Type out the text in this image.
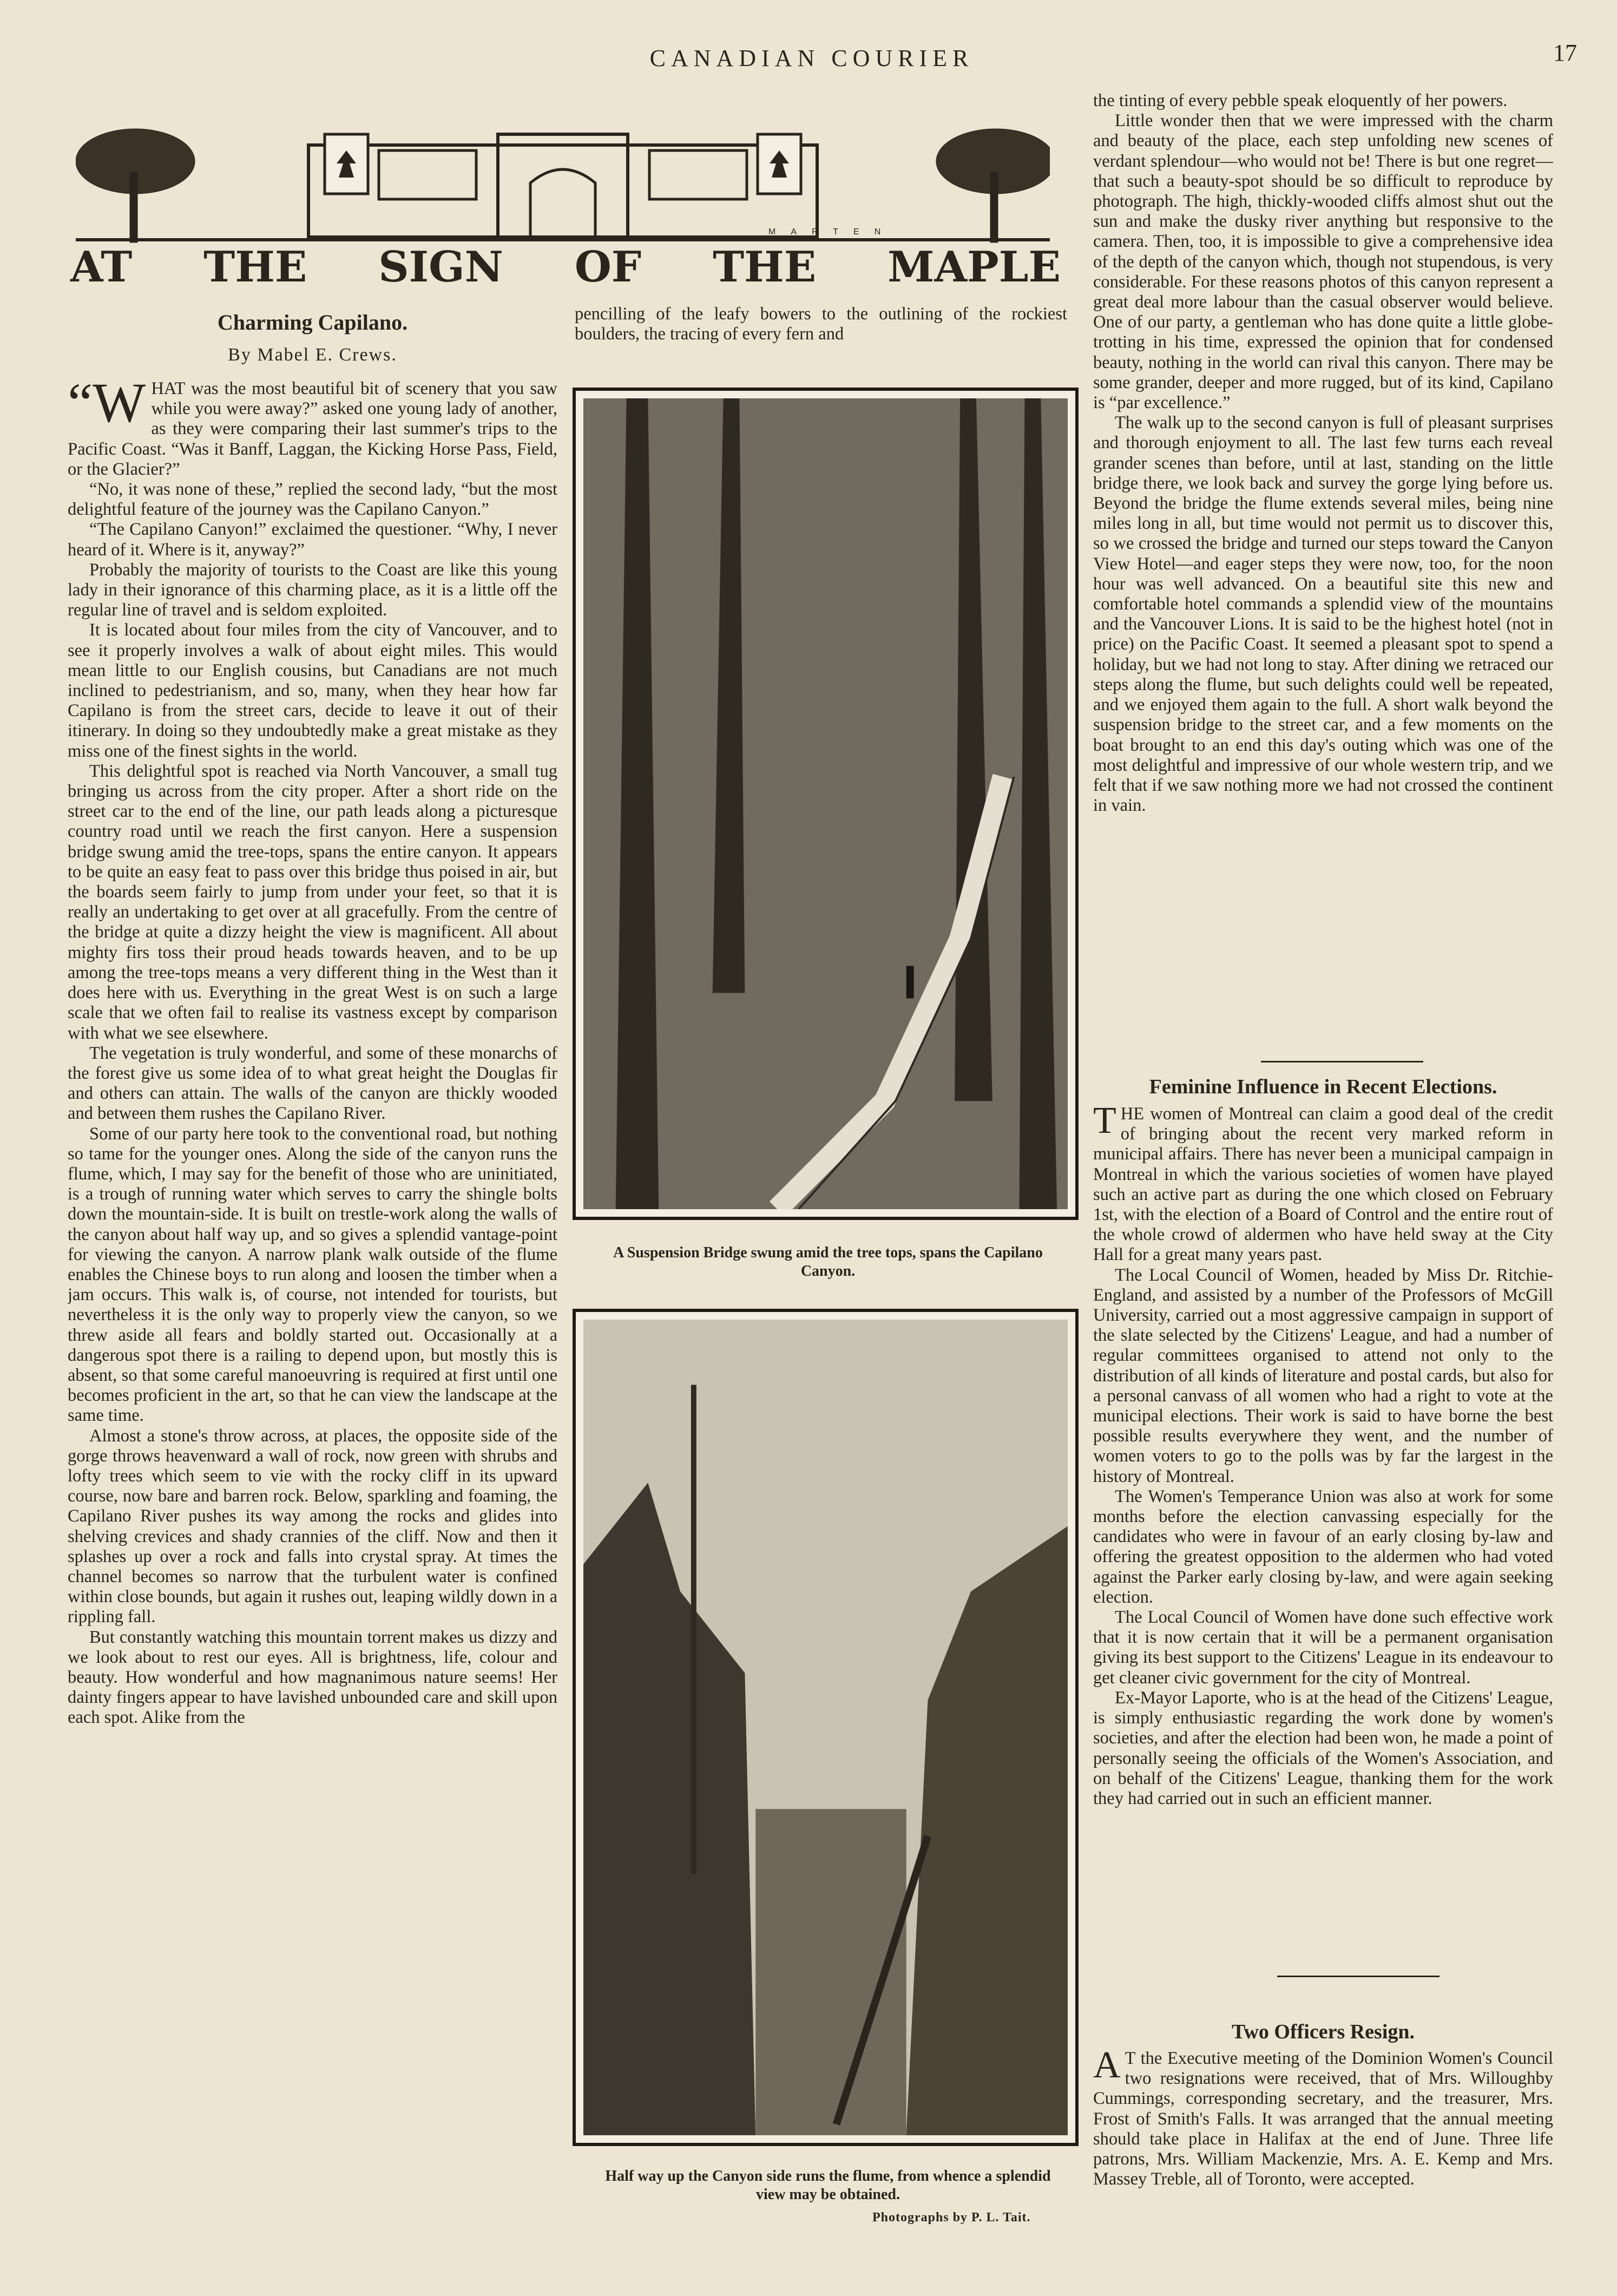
CANADIAN COURIER	17
MARTEN
AT THE SIGN OF THE MAPLE
Charming Capilano.
By Mabel E. Crews.

“WHAT was the most beautiful bit of scenery that you saw while you were away?” asked one young lady of another, as they were comparing their last summer's trips to the Pacific Coast. “Was it Banff, Laggan, the Kicking Horse Pass, Field, or the Glacier?”

“No, it was none of these,” replied the second lady, “but the most delightful feature of the journey was the Capilano Canyon.”

“The Capilano Canyon!” exclaimed the questioner. “Why, I never heard of it. Where is it, anyway?”

Probably the majority of tourists to the Coast are like this young lady in their ignorance of this charming place, as it is a little off the regular line of travel and is seldom exploited.

It is located about four miles from the city of Vancouver, and to see it properly involves a walk of about eight miles. This would mean little to our English cousins, but Canadians are not much inclined to pedestrianism, and so, many, when they hear how far Capilano is from the street cars, decide to leave it out of their itinerary. In doing so they undoubtedly make a great mistake as they miss one of the finest sights in the world.

This delightful spot is reached via North Vancouver, a small tug bringing us across from the city proper. After a short ride on the street car to the end of the line, our path leads along a picturesque country road until we reach the first canyon. Here a suspension bridge swung amid the tree-tops, spans the entire canyon. It appears to be quite an easy feat to pass over this bridge thus poised in air, but the boards seem fairly to jump from under your feet, so that it is really an undertaking to get over at all gracefully. From the centre of the bridge at quite a dizzy height the view is magnificent. All about mighty firs toss their proud heads towards heaven, and to be up among the tree-tops means a very different thing in the West than it does here with us. Everything in the great West is on such a large scale that we often fail to realise its vastness except by comparison with what we see elsewhere.

The vegetation is truly wonderful, and some of these monarchs of the forest give us some idea of to what great height the Douglas fir and others can attain. The walls of the canyon are thickly wooded and between them rushes the Capilano River.

Some of our party here took to the conventional road, but nothing so tame for the younger ones. Along the side of the canyon runs the flume, which, I may say for the benefit of those who are uninitiated, is a trough of running water which serves to carry the shingle bolts down the mountain-side. It is built on trestle-work along the walls of the canyon about half way up, and so gives a splendid vantage-point for viewing the canyon. A narrow plank walk outside of the flume enables the Chinese boys to run along and loosen the timber when a jam occurs. This walk is, of course, not intended for tourists, but nevertheless it is the only way to properly view the canyon, so we threw aside all fears and boldly started out. Occasionally at a dangerous spot there is a railing to depend upon, but mostly this is absent, so that some careful manoeuvring is required at first until one becomes proficient in the art, so that he can view the landscape at the same time.

Almost a stone's throw across, at places, the opposite side of the gorge throws heavenward a wall of rock, now green with shrubs and lofty trees which seem to vie with the rocky cliff in its upward course, now bare and barren rock. Below, sparkling and foaming, the Capilano River pushes its way among the rocks and glides into shelving crevices and shady crannies of the cliff. Now and then it splashes up over a rock and falls into crystal spray. At times the channel becomes so narrow that the turbulent water is confined within close bounds, but again it rushes out, leaping wildly down in a rippling fall.

But constantly watching this mountain torrent makes us dizzy and we look about to rest our eyes. All is brightness, life, colour and beauty. How wonderful and how magnanimous nature seems! Her dainty fingers appear to have lavished unbounded care and skill upon each spot. Alike from the

pencilling of the leafy bowers to the outlining of the rockiest boulders, the tracing of every fern and

A Suspension Bridge swung amid the tree tops, spans the Capilano Canyon.
Half way up the Canyon side runs the flume, from whence a splendid view may be obtained.
Photographs by P. L. Tait.

the tinting of every pebble speak eloquently of her powers.

Little wonder then that we were impressed with the charm and beauty of the place, each step unfolding new scenes of verdant splendour—who would not be! There is but one regret—that such a beauty-spot should be so difficult to reproduce by photograph. The high, thickly-wooded cliffs almost shut out the sun and make the dusky river anything but responsive to the camera. Then, too, it is impossible to give a comprehensive idea of the depth of the canyon which, though not stupendous, is very considerable. For these reasons photos of this canyon represent a great deal more labour than the casual observer would believe. One of our party, a gentleman who has done quite a little globe-trotting in his time, expressed the opinion that for condensed beauty, nothing in the world can rival this canyon. There may be some grander, deeper and more rugged, but of its kind, Capilano is “par excellence.”

The walk up to the second canyon is full of pleasant surprises and thorough enjoyment to all. The last few turns each reveal grander scenes than before, until at last, standing on the little bridge there, we look back and survey the gorge lying before us. Beyond the bridge the flume extends several miles, being nine miles long in all, but time would not permit us to discover this, so we crossed the bridge and turned our steps toward the Canyon View Hotel—and eager steps they were now, too, for the noon hour was well advanced. On a beautiful site this new and comfortable hotel commands a splendid view of the mountains and the Vancouver Lions. It is said to be the highest hotel (not in price) on the Pacific Coast. It seemed a pleasant spot to spend a holiday, but we had not long to stay. After dining we retraced our steps along the flume, but such delights could well be repeated, and we enjoyed them again to the full. A short walk beyond the suspension bridge to the street car, and a few moments on the boat brought to an end this day's outing which was one of the most delightful and impressive of our whole western trip, and we felt that if we saw nothing more we had not crossed the continent in vain.

Feminine Influence in Recent Elections.

THE women of Montreal can claim a good deal of the credit of bringing about the recent very marked reform in municipal affairs. There has never been a municipal campaign in Montreal in which the various societies of women have played such an active part as during the one which closed on February 1st, with the election of a Board of Control and the entire rout of the whole crowd of aldermen who have held sway at the City Hall for a great many years past.

The Local Council of Women, headed by Miss Dr. Ritchie-England, and assisted by a number of the Professors of McGill University, carried out a most aggressive campaign in support of the slate selected by the Citizens' League, and had a number of regular committees organised to attend not only to the distribution of all kinds of literature and postal cards, but also for a personal canvass of all women who had a right to vote at the municipal elections. Their work is said to have borne the best possible results everywhere they went, and the number of women voters to go to the polls was by far the largest in the history of Montreal.

The Women's Temperance Union was also at work for some months before the election canvassing especially for the candidates who were in favour of an early closing by-law and offering the greatest opposition to the aldermen who had voted against the Parker early closing by-law, and were again seeking election.

The Local Council of Women have done such effective work that it is now certain that it will be a permanent organisation giving its best support to the Citizens' League in its endeavour to get cleaner civic government for the city of Montreal.

Ex-Mayor Laporte, who is at the head of the Citizens' League, is simply enthusiastic regarding the work done by women's societies, and after the election had been won, he made a point of personally seeing the officials of the Women's Association, and on behalf of the Citizens' League, thanking them for the work they had carried out in such an efficient manner.

Two Officers Resign.

A T the Executive meeting of the Dominion Women's Council two resignations were received, that of Mrs. Willoughby Cummings, corresponding secretary, and the treasurer, Mrs. Frost of Smith's Falls. It was arranged that the annual meeting should take place in Halifax at the end of June. Three life patrons, Mrs. William Mackenzie, Mrs. A. E. Kemp and Mrs. Massey Treble, all of Toronto, were accepted.
